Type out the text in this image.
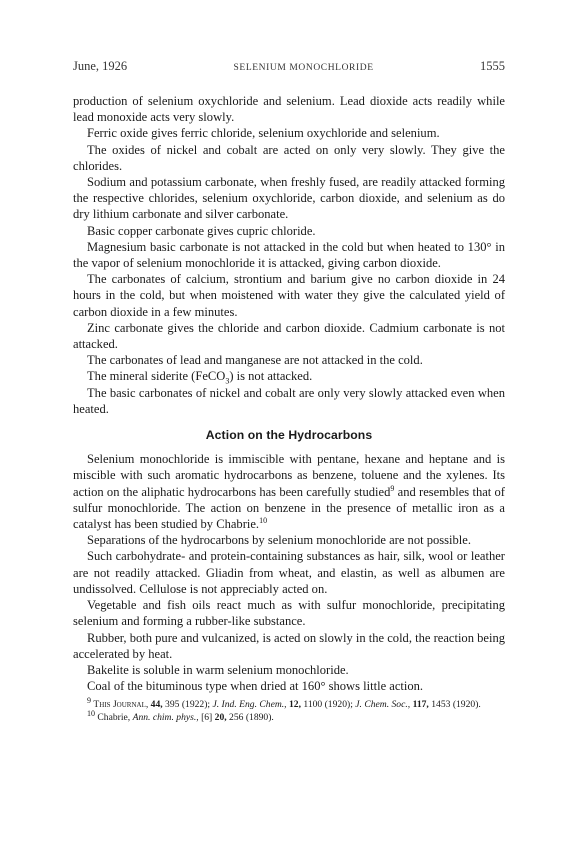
June, 1926	SELENIUM MONOCHLORIDE	1555

production of selenium oxychloride and selenium. Lead dioxide acts readily while lead monoxide acts very slowly.

Ferric oxide gives ferric chloride, selenium oxychloride and selenium.

The oxides of nickel and cobalt are acted on only very slowly. They give the chlorides.

Sodium and potassium carbonate, when freshly fused, are readily attacked forming the respective chlorides, selenium oxychloride, carbon dioxide, and selenium as do dry lithium carbonate and silver carbonate.

Basic copper carbonate gives cupric chloride.

Magnesium basic carbonate is not attacked in the cold but when heated to 130° in the vapor of selenium monochloride it is attacked, giving carbon dioxide.

The carbonates of calcium, strontium and barium give no carbon dioxide in 24 hours in the cold, but when moistened with water they give the calculated yield of carbon dioxide in a few minutes.

Zinc carbonate gives the chloride and carbon dioxide. Cadmium carbonate is not attacked.

The carbonates of lead and manganese are not attacked in the cold.

The mineral siderite (FeCO$_3$) is not attacked.

The basic carbonates of nickel and cobalt are only very slowly attacked even when heated.

Action on the Hydrocarbons

Selenium monochloride is immiscible with pentane, hexane and heptane and is miscible with such aromatic hydrocarbons as benzene, toluene and the xylenes. Its action on the aliphatic hydrocarbons has been carefully studied$^9$ and resembles that of sulfur monochloride. The action on benzene in the presence of metallic iron as a catalyst has been studied by Chabrie.$^{10}$

Separations of the hydrocarbons by selenium monochloride are not possible.

Such carbohydrate- and protein-containing substances as hair, silk, wool or leather are not readily attacked. Gliadin from wheat, and elastin, as well as albumen are undissolved. Cellulose is not appreciably acted on.

Vegetable and fish oils react much as with sulfur monochloride, precipitating selenium and forming a rubber-like substance.

Rubber, both pure and vulcanized, is acted on slowly in the cold, the reaction being accelerated by heat.

Bakelite is soluble in warm selenium monochloride.

Coal of the bituminous type when dried at 160° shows little action.

$^9$ This Journal, 44, 395 (1922); J. Ind. Eng. Chem., 12, 1100 (1920); J. Chem. Soc., 117, 1453 (1920).

$^{10}$ Chabrie, Ann. chim. phys., [6] 20, 256 (1890).
